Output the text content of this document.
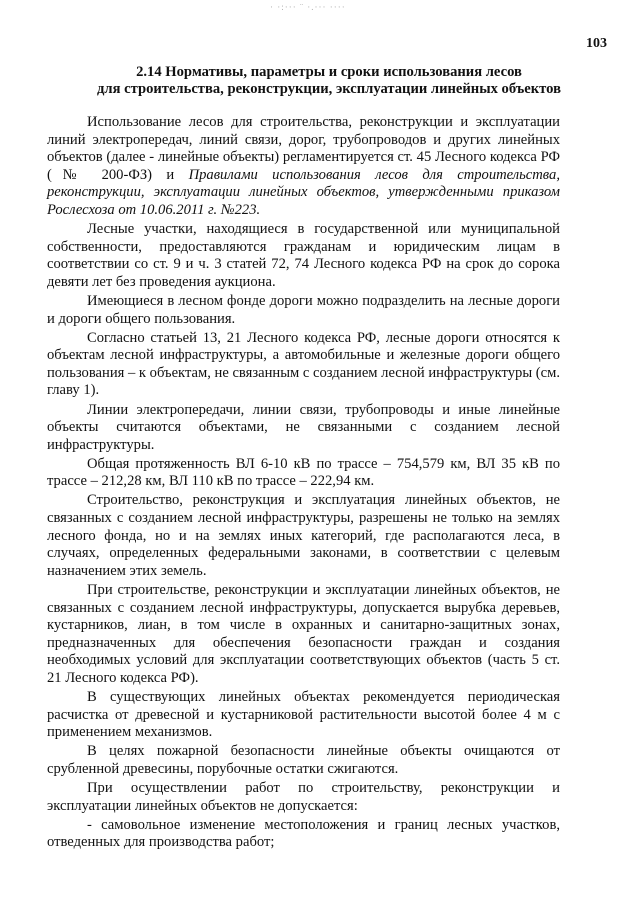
· ·:··· ¨ ·.··· ····
103
2.14 Нормативы, параметры и сроки использования лесов
для строительства, реконструкции, эксплуатации линейных объектов

Использование лесов для строительства, реконструкции и эксплуатации линий электропередач, линий связи, дорог, трубопроводов и других линейных объектов (далее - линейные объекты) регламентируется ст. 45 Лесного кодекса РФ (№ 200-ФЗ) и Правилами использования лесов для строительства, реконструкции, эксплуатации линейных объектов, утвержденными приказом Рослесхоза от 10.06.2011 г. №223.

Лесные участки, находящиеся в государственной или муниципальной собственности, предоставляются гражданам и юридическим лицам в соответствии со ст. 9 и ч. 3 статей 72, 74 Лесного кодекса РФ на срок до сорока девяти лет без проведения аукциона.

Имеющиеся в лесном фонде дороги можно подразделить на лесные дороги и дороги общего пользования.

Согласно статьей 13, 21 Лесного кодекса РФ, лесные дороги относятся к объектам лесной инфраструктуры, а автомобильные и железные дороги общего пользования – к объектам, не связанным с созданием лесной инфраструктуры (см. главу 1).

Линии электропередачи, линии связи, трубопроводы и иные линейные объекты считаются объектами, не связанными с созданием лесной инфраструктуры.

Общая протяженность ВЛ 6-10 кВ по трассе – 754,579 км, ВЛ 35 кВ по трассе – 212,28 км, ВЛ 110 кВ по трассе – 222,94 км.

Строительство, реконструкция и эксплуатация линейных объектов, не связанных с созданием лесной инфраструктуры, разрешены не только на землях лесного фонда, но и на землях иных категорий, где располагаются леса, в случаях, определенных федеральными законами, в соответствии с целевым назначением этих земель.

При строительстве, реконструкции и эксплуатации линейных объектов, не связанных с созданием лесной инфраструктуры, допускается вырубка деревьев, кустарников, лиан, в том числе в охранных и санитарно-защитных зонах, предназначенных для обеспечения безопасности граждан и создания необходимых условий для эксплуатации соответствующих объектов (часть 5 ст. 21 Лесного кодекса РФ).

В существующих линейных объектах рекомендуется периодическая расчистка от древесной и кустарниковой растительности высотой более 4 м с применением механизмов.

В целях пожарной безопасности линейные объекты очищаются от срубленной древесины, порубочные остатки сжигаются.

При осуществлении работ по строительству, реконструкции и эксплуатации линейных объектов не допускается:

- самовольное изменение местоположения и границ лесных участков, отведенных для производства работ;
